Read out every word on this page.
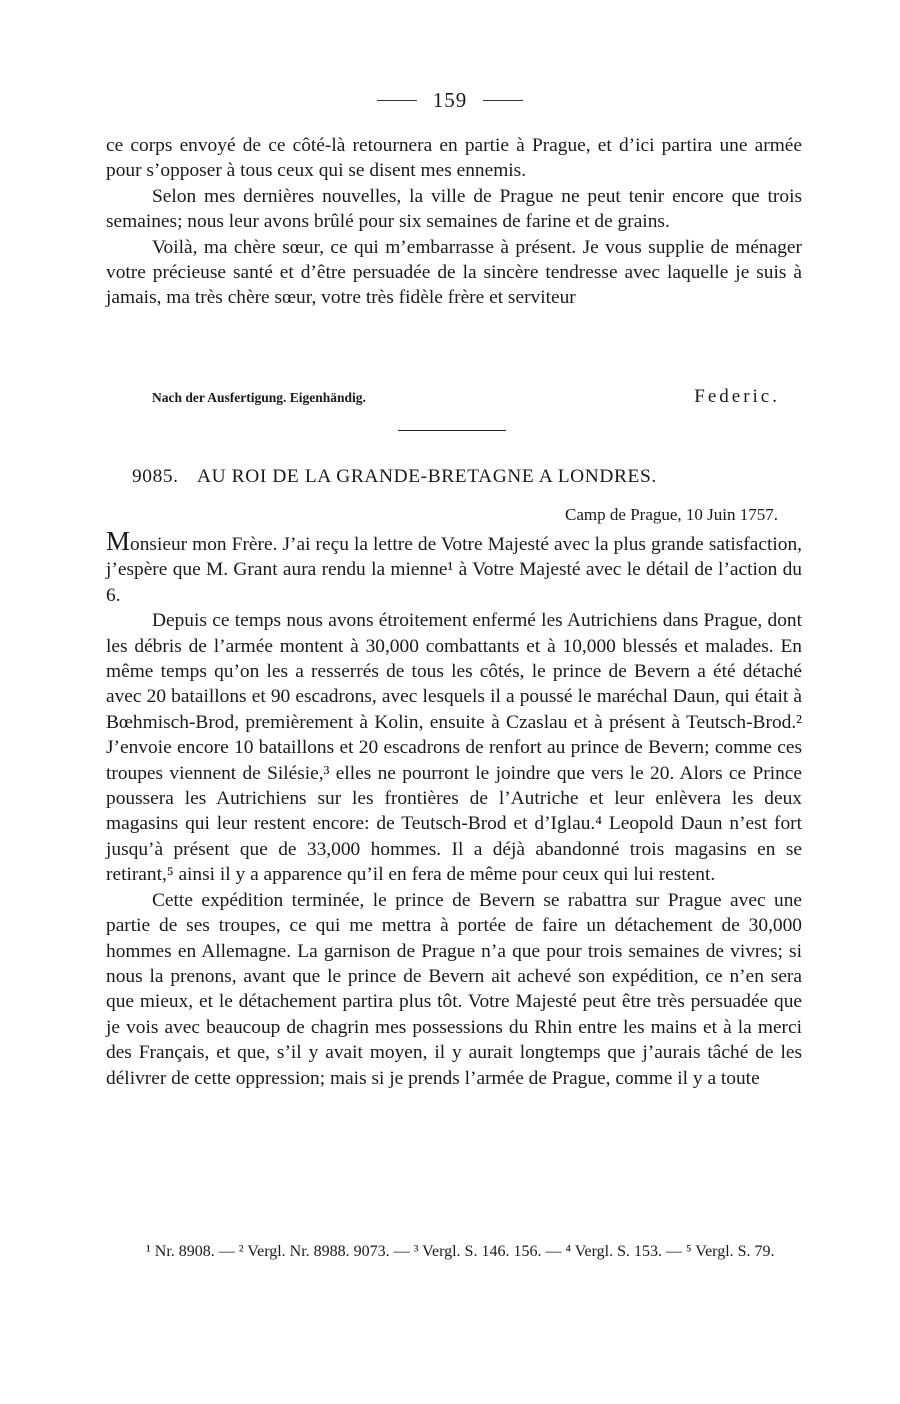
159

ce corps envoyé de ce côté-là retournera en partie à Prague, et d’ici partira une armée pour s’opposer à tous ceux qui se disent mes ennemis.

Selon mes dernières nouvelles, la ville de Prague ne peut tenir encore que trois semaines; nous leur avons brûlé pour six semaines de farine et de grains.

Voilà, ma chère sœur, ce qui m’embarrasse à présent. Je vous supplie de ménager votre précieuse santé et d’être persuadée de la sincère tendresse avec laquelle je suis à jamais, ma très chère sœur, votre très fidèle frère et serviteur

Nach der Ausfertigung. Eigenhändig.	Federic.
9085. AU ROI DE LA GRANDE-BRETAGNE A LONDRES.
Camp de Prague, 10 Juin 1757.

Monsieur mon Frère. J’ai reçu la lettre de Votre Majesté avec la plus grande satisfaction, j’espère que M. Grant aura rendu la mienne¹ à Votre Majesté avec le détail de l’action du 6.

Depuis ce temps nous avons étroitement enfermé les Autrichiens dans Prague, dont les débris de l’armée montent à 30,000 combattants et à 10,000 blessés et malades. En même temps qu’on les a resserrés de tous les côtés, le prince de Bevern a été détaché avec 20 bataillons et 90 escadrons, avec lesquels il a poussé le maréchal Daun, qui était à Bœhmisch-Brod, premièrement à Kolin, ensuite à Czaslau et à présent à Teutsch-Brod.² J’envoie encore 10 bataillons et 20 escadrons de renfort au prince de Bevern; comme ces troupes viennent de Silésie,³ elles ne pourront le joindre que vers le 20. Alors ce Prince poussera les Autrichiens sur les frontières de l’Autriche et leur enlèvera les deux magasins qui leur restent encore: de Teutsch-Brod et d’Iglau.⁴ Leopold Daun n’est fort jusqu’à présent que de 33,000 hommes. Il a déjà abandonné trois magasins en se retirant,⁵ ainsi il y a apparence qu’il en fera de même pour ceux qui lui restent.

Cette expédition terminée, le prince de Bevern se rabattra sur Prague avec une partie de ses troupes, ce qui me mettra à portée de faire un détachement de 30,000 hommes en Allemagne. La garnison de Prague n’a que pour trois semaines de vivres; si nous la prenons, avant que le prince de Bevern ait achevé son expédition, ce n’en sera que mieux, et le détachement partira plus tôt. Votre Majesté peut être très persuadée que je vois avec beaucoup de chagrin mes possessions du Rhin entre les mains et à la merci des Français, et que, s’il y avait moyen, il y aurait longtemps que j’aurais tâché de les délivrer de cette oppression; mais si je prends l’armée de Prague, comme il y a toute

¹ Nr. 8908. — ² Vergl. Nr. 8988. 9073. — ³ Vergl. S. 146. 156. — ⁴ Vergl. S. 153. — ⁵ Vergl. S. 79.
